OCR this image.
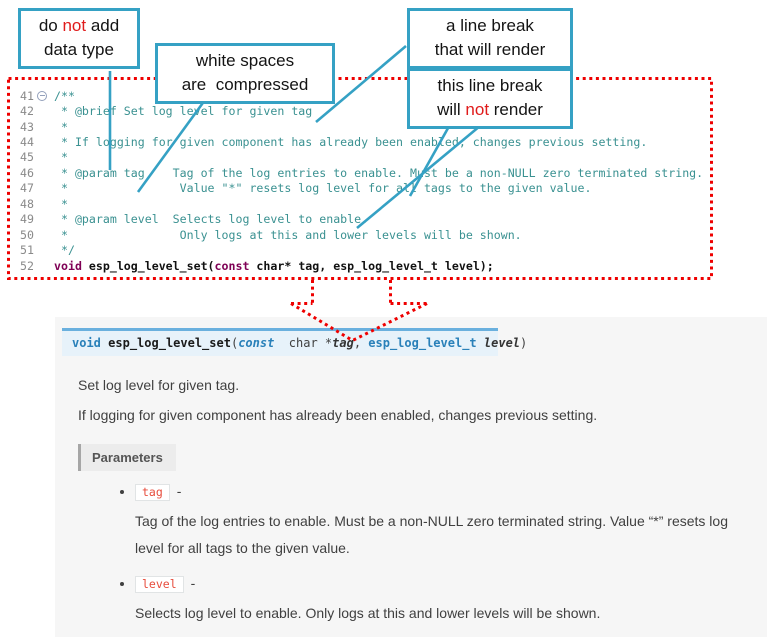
void esp_log_level_set(const  char *tag, esp_log_level_t level)

Set log level for given tag.

If logging for given component has already been enabled, changes previous setting.

Parameters
• tag -
Tag of the log entries to enable. Must be a non-NULL zero terminated string. Value “*” resets log level for all tags to the given value.
• level -
Selects log level to enable. Only logs at this and lower levels will be shown.
41	/**
42	* @brief Set log level for given tag
43	*
44	* If logging for given component has already been enabled, changes previous setting.
45	*
46	* @param tag    Tag of the log entries to enable. Must be a non-NULL zero terminated string.
47	*                Value "*" resets log level for all tags to the given value.
48	*
49	* @param level  Selects log level to enable.
50	*                Only logs at this and lower levels will be shown.
51	*/
52	void esp_log_level_set(const char* tag, esp_log_level_t level);
do not add
data type
white spaces
are  compressed
a line break
that will render
this line break
will not render
